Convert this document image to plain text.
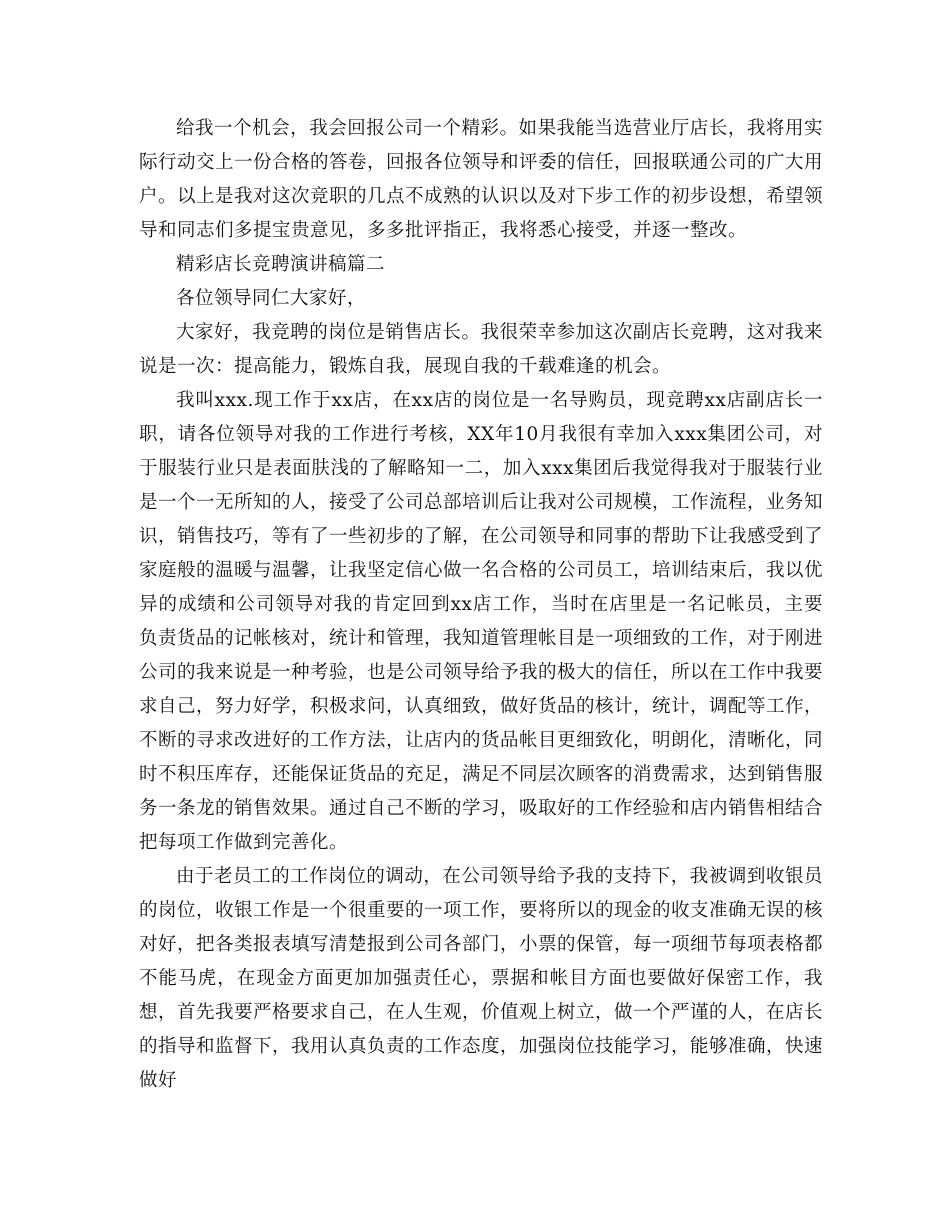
给我一个机会，我会回报公司一个精彩。如果我能当选营业厅店长，我将用实际行动交上一份合格的答卷，回报各位领导和评委的信任，回报联通公司的广大用户。以上是我对这次竞职的几点不成熟的认识以及对下步工作的初步设想，希望领导和同志们多提宝贵意见，多多批评指正，我将悉心接受，并逐一整改。

精彩店长竞聘演讲稿篇二

各位领导同仁大家好，

大家好，我竞聘的岗位是销售店长。我很荣幸参加这次副店长竞聘，这对我来说是一次：提高能力，锻炼自我，展现自我的千载难逢的机会。

我叫xxx.现工作于xx店，在xx店的岗位是一名导购员，现竞聘xx店副店长一职，请各位领导对我的工作进行考核，XX年10月我很有幸加入xxx集团公司，对于服装行业只是表面肤浅的了解略知一二，加入xxx集团后我觉得我对于服装行业是一个一无所知的人，接受了公司总部培训后让我对公司规模，工作流程，业务知识，销售技巧，等有了一些初步的了解，在公司领导和同事的帮助下让我感受到了家庭般的温暖与温馨，让我坚定信心做一名合格的公司员工，培训结束后，我以优异的成绩和公司领导对我的肯定回到xx店工作，当时在店里是一名记帐员，主要负责货品的记帐核对，统计和管理，我知道管理帐目是一项细致的工作，对于刚进公司的我来说是一种考验，也是公司领导给予我的极大的信任，所以在工作中我要求自己，努力好学，积极求问，认真细致，做好货品的核计，统计，调配等工作，不断的寻求改进好的工作方法，让店内的货品帐目更细致化，明朗化，清晰化，同时不积压库存，还能保证货品的充足，满足不同层次顾客的消费需求，达到销售服务一条龙的销售效果。通过自己不断的学习，吸取好的工作经验和店内销售相结合把每项工作做到完善化。

由于老员工的工作岗位的调动，在公司领导给予我的支持下，我被调到收银员的岗位，收银工作是一个很重要的一项工作，要将所以的现金的收支准确无误的核对好，把各类报表填写清楚报到公司各部门，小票的保管，每一项细节每项表格都不能马虎，在现金方面更加加强责任心，票据和帐目方面也要做好保密工作，我想，首先我要严格要求自己，在人生观，价值观上树立，做一个严谨的人，在店长的指导和监督下，我用认真负责的工作态度，加强岗位技能学习，能够准确，快速做好
